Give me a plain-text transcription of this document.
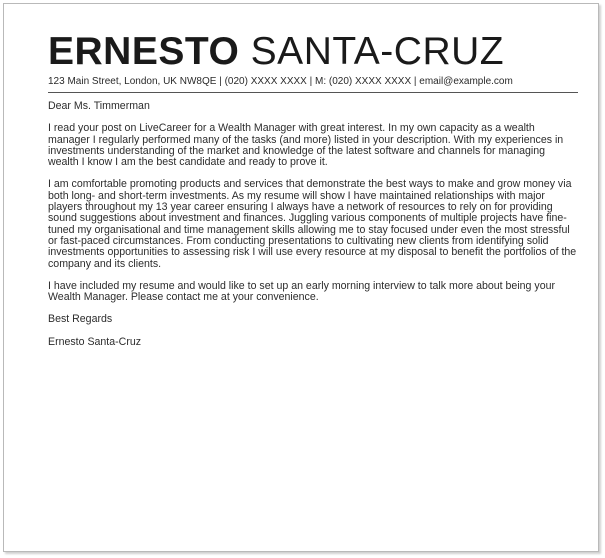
ERNESTO SANTA-CRUZ
123 Main Street, London, UK NW8QE | (020) XXXX XXXX | M: (020) XXXX XXXX | email@example.com

Dear Ms. Timmerman

I read your post on LiveCareer for a Wealth Manager with great interest. In my own capacity as a wealth manager I regularly performed many of the tasks (and more) listed in your description. With my experiences in investments understanding of the market and knowledge of the latest software and channels for managing wealth I know I am the best candidate and ready to prove it.

I am comfortable promoting products and services that demonstrate the best ways to make and grow money via both long- and short-term investments. As my resume will show I have maintained relationships with major players throughout my 13 year career ensuring I always have a network of resources to rely on for providing sound suggestions about investment and finances. Juggling various components of multiple projects have fine-tuned my organisational and time management skills allowing me to stay focused under even the most stressful or fast-paced circumstances. From conducting presentations to cultivating new clients from identifying solid investments opportunities to assessing risk I will use every resource at my disposal to benefit the portfolios of the company and its clients.

I have included my resume and would like to set up an early morning interview to talk more about being your Wealth Manager. Please contact me at your convenience.

Best Regards

Ernesto Santa-Cruz
